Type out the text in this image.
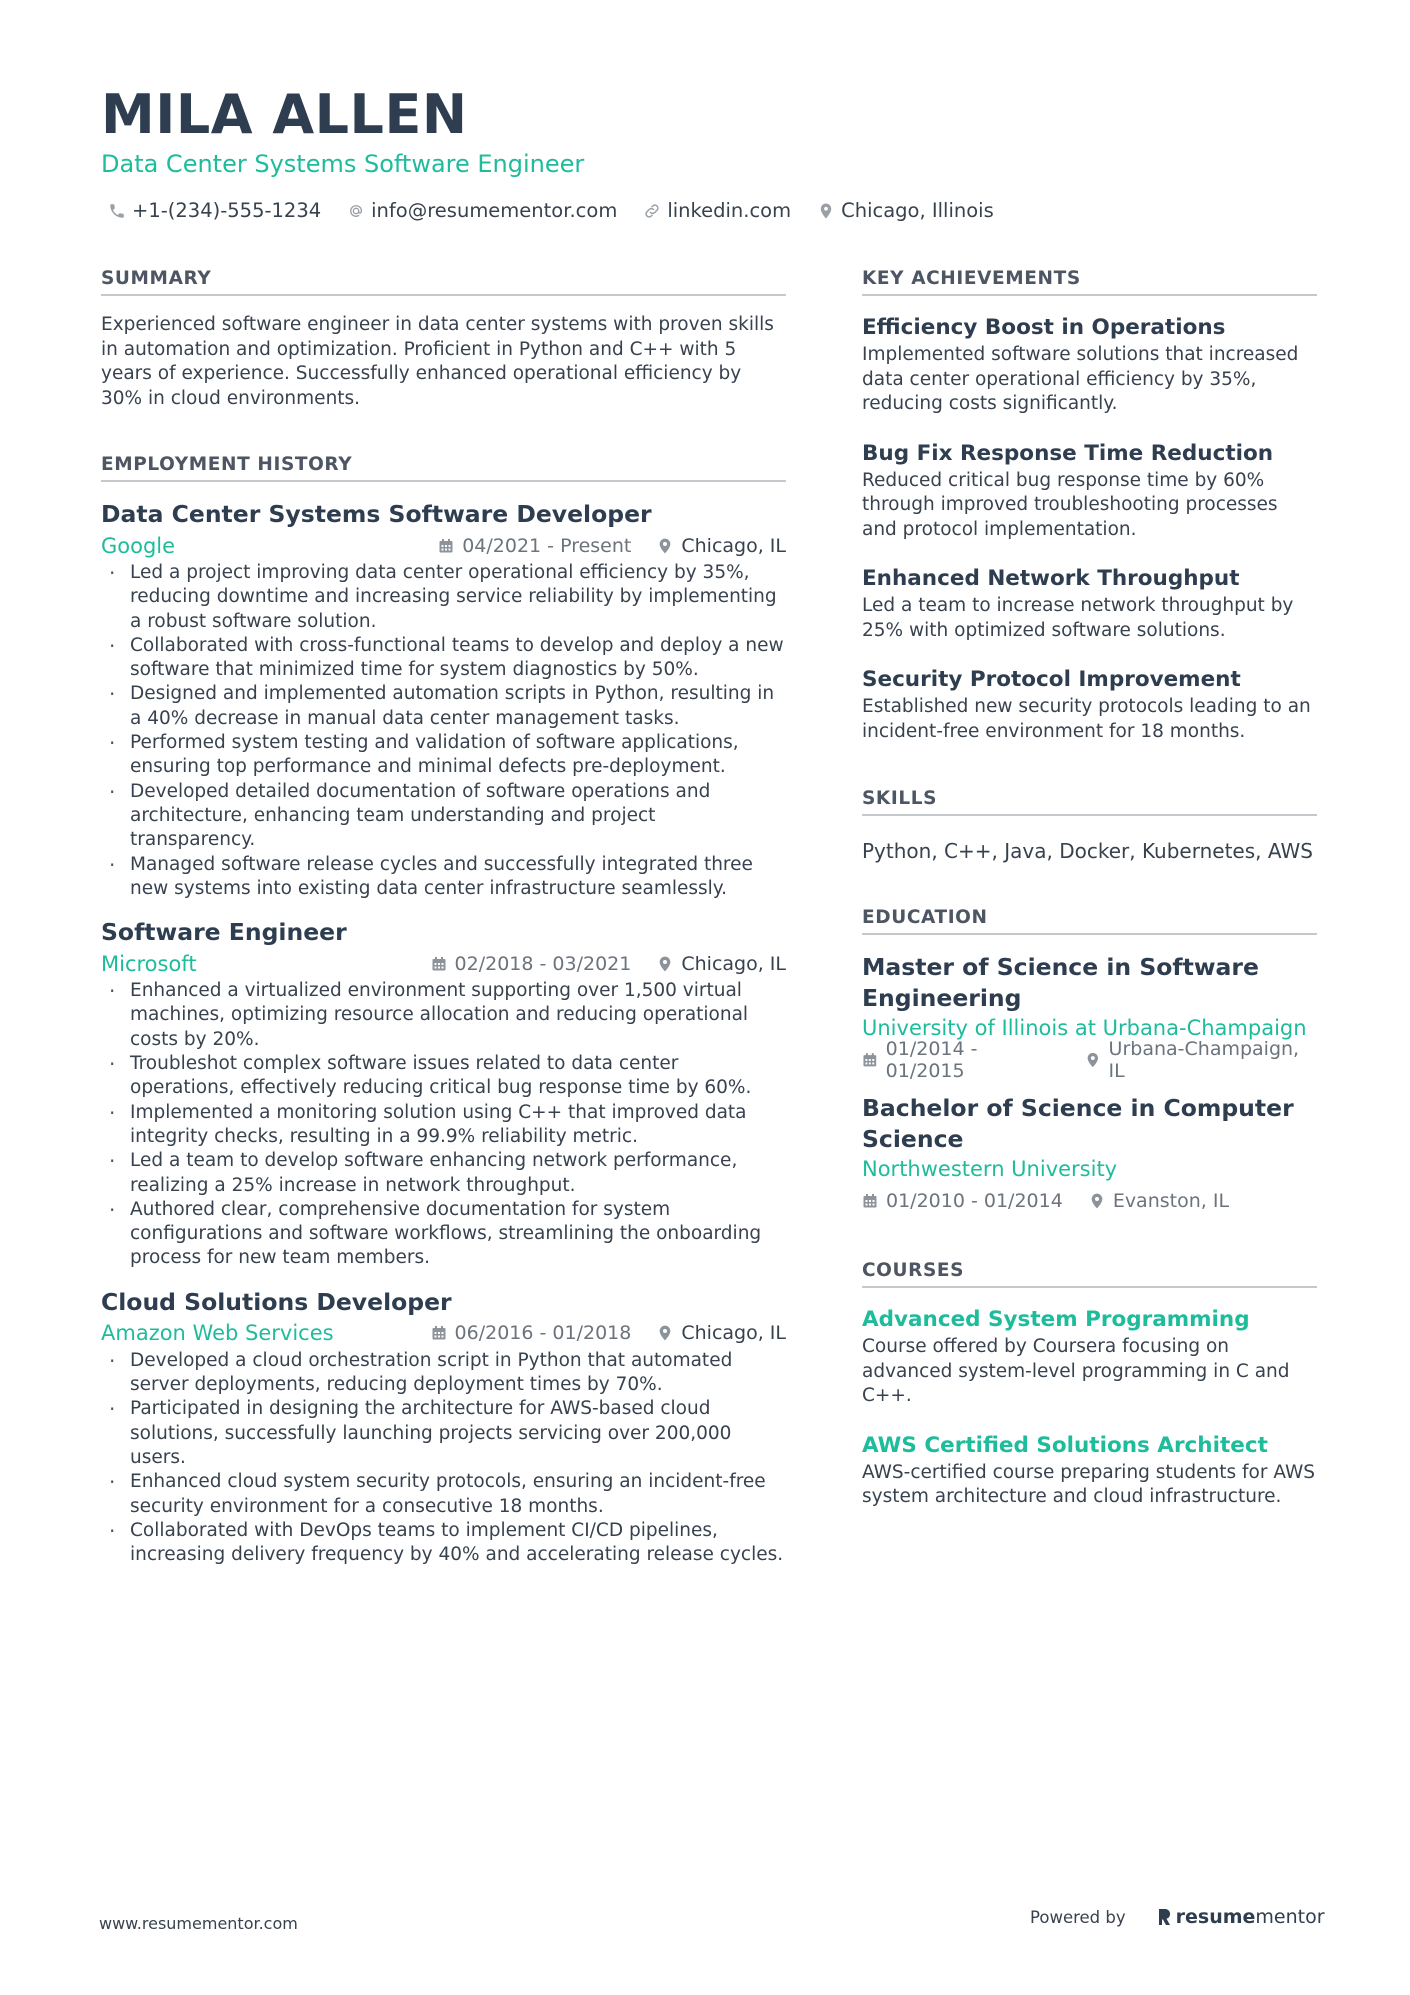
MILA ALLEN
Data Center Systems Software Engineer
+1-(234)-555-1234	info@resumementor.com	linkedin.com	Chicago, Illinois
SUMMARY

Experienced software engineer in data center systems with proven skills in automation and optimization. Proficient in Python and C++ with 5 years of experience. Successfully enhanced operational efficiency by 30% in cloud environments.

EMPLOYMENT HISTORY
Data Center Systems Software Developer
Google	04/2021 - Present	Chicago, IL
· Led a project improving data center operational efficiency by 35%, reducing downtime and increasing service reliability by implementing a robust software solution.
· Collaborated with cross-functional teams to develop and deploy a new software that minimized time for system diagnostics by 50%.
· Designed and implemented automation scripts in Python, resulting in a 40% decrease in manual data center management tasks.
· Performed system testing and validation of software applications, ensuring top performance and minimal defects pre-deployment.
· Developed detailed documentation of software operations and architecture, enhancing team understanding and project transparency.
· Managed software release cycles and successfully integrated three new systems into existing data center infrastructure seamlessly.
Software Engineer
Microsoft	02/2018 - 03/2021	Chicago, IL
· Enhanced a virtualized environment supporting over 1,500 virtual machines, optimizing resource allocation and reducing operational costs by 20%.
· Troubleshot complex software issues related to data center operations, effectively reducing critical bug response time by 60%.
· Implemented a monitoring solution using C++ that improved data integrity checks, resulting in a 99.9% reliability metric.
· Led a team to develop software enhancing network performance, realizing a 25% increase in network throughput.
· Authored clear, comprehensive documentation for system configurations and software workflows, streamlining the onboarding process for new team members.
Cloud Solutions Developer
Amazon Web Services	06/2016 - 01/2018	Chicago, IL
· Developed a cloud orchestration script in Python that automated server deployments, reducing deployment times by 70%.
· Participated in designing the architecture for AWS-based cloud solutions, successfully launching projects servicing over 200,000 users.
· Enhanced cloud system security protocols, ensuring an incident-free security environment for a consecutive 18 months.
· Collaborated with DevOps teams to implement CI/CD pipelines, increasing delivery frequency by 40% and accelerating release cycles.
KEY ACHIEVEMENTS
Efficiency Boost in Operations

Implemented software solutions that increased data center operational efficiency by 35%, reducing costs significantly.

Bug Fix Response Time Reduction

Reduced critical bug response time by 60% through improved troubleshooting processes and protocol implementation.

Enhanced Network Throughput

Led a team to increase network throughput by 25% with optimized software solutions.

Security Protocol Improvement

Established new security protocols leading to an incident-free environment for 18 months.

SKILLS

Python, C++, Java, Docker, Kubernetes, AWS

EDUCATION
Master of Science in Software Engineering
University of Illinois at Urbana-Champaign
01/2014 - 01/2015
Urbana-Champaign, IL
Bachelor of Science in Computer Science
Northwestern University
01/2010 - 01/2014	Evanston, IL
COURSES
Advanced System Programming

Course offered by Coursera focusing on advanced system-level programming in C and C++.

AWS Certified Solutions Architect

AWS-certified course preparing students for AWS system architecture and cloud infrastructure.

www.resumementor.com	Powered by	resume mentor
